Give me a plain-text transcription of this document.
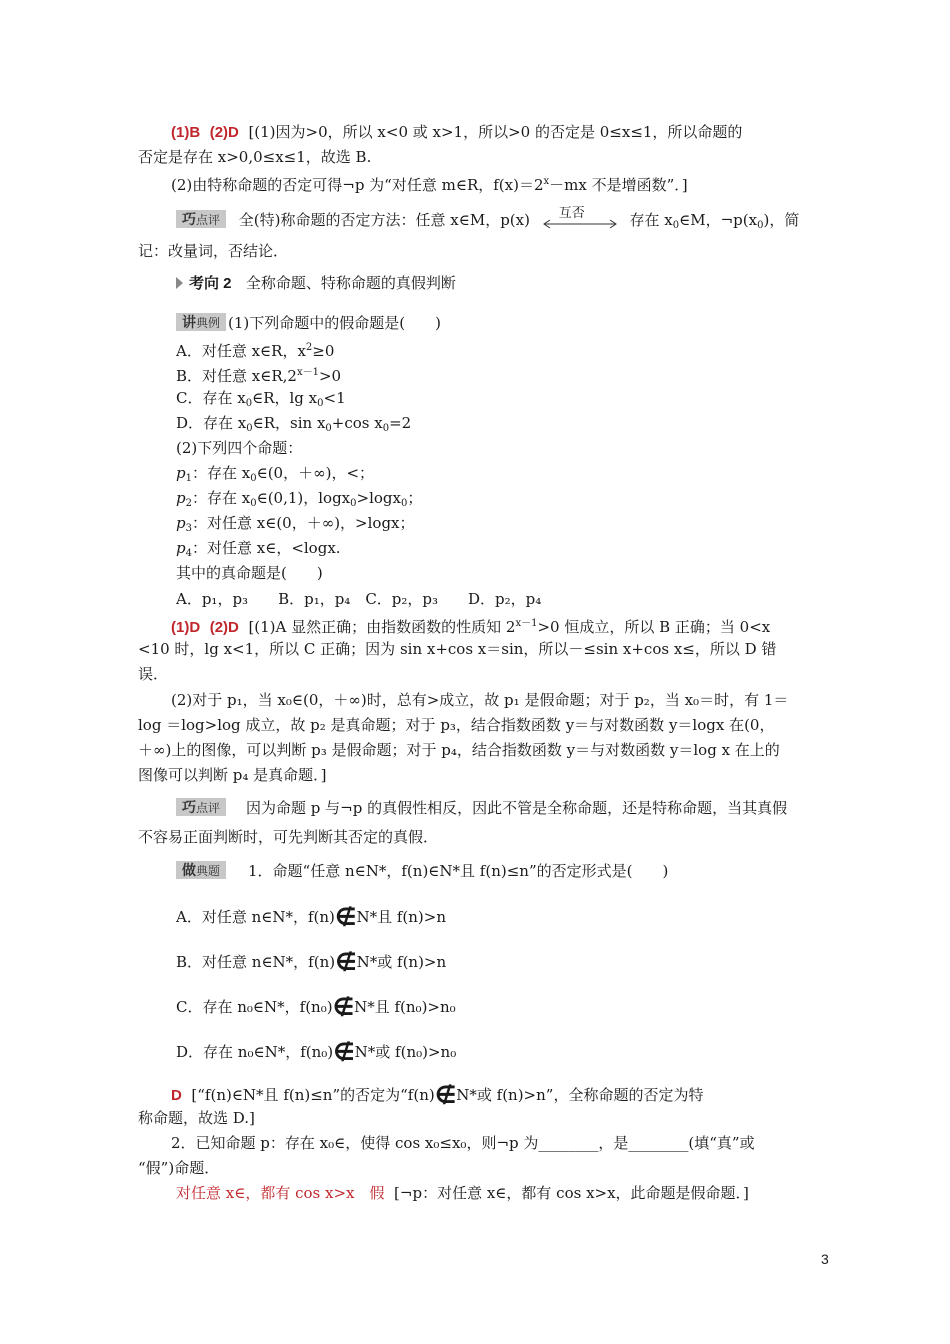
(1)B (2)D [(1)因为>0，所以 x<0 或 x>1，所以>0 的否定是 0≤x≤1，所以命题的
否定是存在 x>0,0≤x≤1，故选 B.
(2)由特称命题的否定可得¬p 为“对任意 m∈R，$f(x)=2^x-mx$ 不是增函数”．]
巧点评 全(特)称命题的否定方法：任意 x∈M，p(x) 互否	存在 $x_0\in M$，$\neg p(x_0)$，简
记：改量词，否结论．
考向 2 全称命题、特称命题的真假判断
讲典例 (1)下列命题中的假命题是(　　)
A．对任意 x∈R，$x^2\ge 0$
B．对任意 $x\in R,2^{x-1}>0$
C．存在 $x_0\in R$，$\lg x_0<1$
D．存在 $x_0\in R$，$\sin x_0+\cos$ $x_0=2$
(2)下列四个命题：
$p_1$：存在 $x_0\in(0$，＋∞)，<；
$p_2$：存在 $x_0\in(0,1)$，logx$_0$>logx$_0$；
$p_3$：对任意 x∈(0，＋∞)，>logx；
$p_4$：对任意 x∈，<logx.
其中的真命题是(　　)
A．p₁，p₃　　B．p₁，p₄　C．p₂，p₃　　D．p₂，p₄
(1)D (2)D [(1)A 显然正确；由指数函数的性质知 $2^{x-1}>0$ 恒成立，所以 B 正确；当 0<x
<10 时，lg x<1，所以 C 正确；因为 sin x+cos x＝sin，所以－≤sin x+cos x≤，所以 D 错
误．
(2)对于 p₁，当 x₀∈(0，＋∞)时，总有>成立，故 p₁ 是假命题；对于 p₂，当 x₀＝时，有 1＝
log ＝log>log 成立，故 p₂ 是真命题；对于 p₃，结合指数函数 y＝与对数函数 y＝logx 在(0，
＋∞)上的图像，可以判断 p₃ 是假命题；对于 p₄，结合指数函数 y＝与对数函数 y＝log x 在上的
图像可以判断 p₄ 是真命题．]
巧点评 因为命题 p 与¬p 的真假性相反，因此不管是全称命题，还是特称命题，当其真假
不容易正面判断时，可先判断其否定的真假．
做典题 1．命题“任意 n∈N*，f(n)∈N*且 f(n)≤n”的否定形式是(　　)
A．对任意 n∈N*，f(n)∉N*且 f(n)>n
B．对任意 n∈N*，f(n)∉N*或 f(n)>n
C．存在 n₀∈N*，f(n₀)∉N*且 f(n₀)>n₀
D．存在 n₀∈N*，f(n₀)∉N*或 f(n₀)>n₀
D [“f(n)∈N*且 f(n)≤n”的否定为“f(n)∉N*或 f(n)>n”，全称命题的否定为特
称命题，故选 D.]
2．已知命题 p：存在 x₀∈，使得 cos x₀≤x₀，则¬p 为________，是________(填“真”或
“假”)命题．
对任意 x∈，都有 cos x>x　假 [¬p：对任意 x∈，都有 cos x>x，此命题是假命题．]
3
